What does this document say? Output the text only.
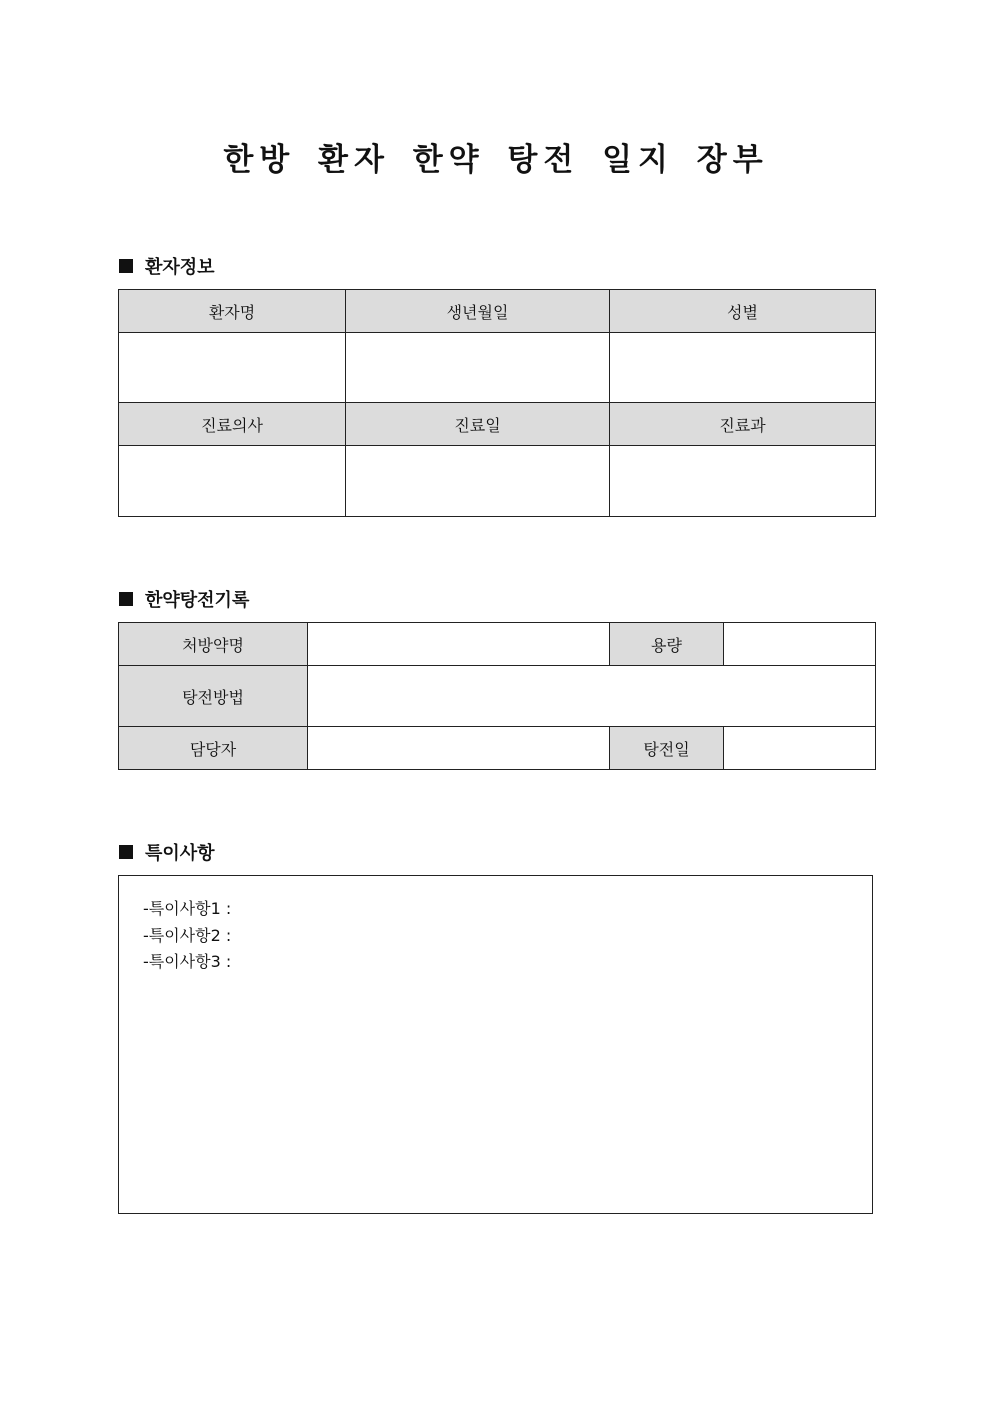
한방 환자 한약 탕전 일지 장부
환자정보
환자명	생년월일	성별

진료의사	진료일	진료과

한약탕전기록
처방약명		용량	
탕전방법			
담당자		탕전일	
특이사항
-특이사항1 :
-특이사항2 :
-특이사항3 :
